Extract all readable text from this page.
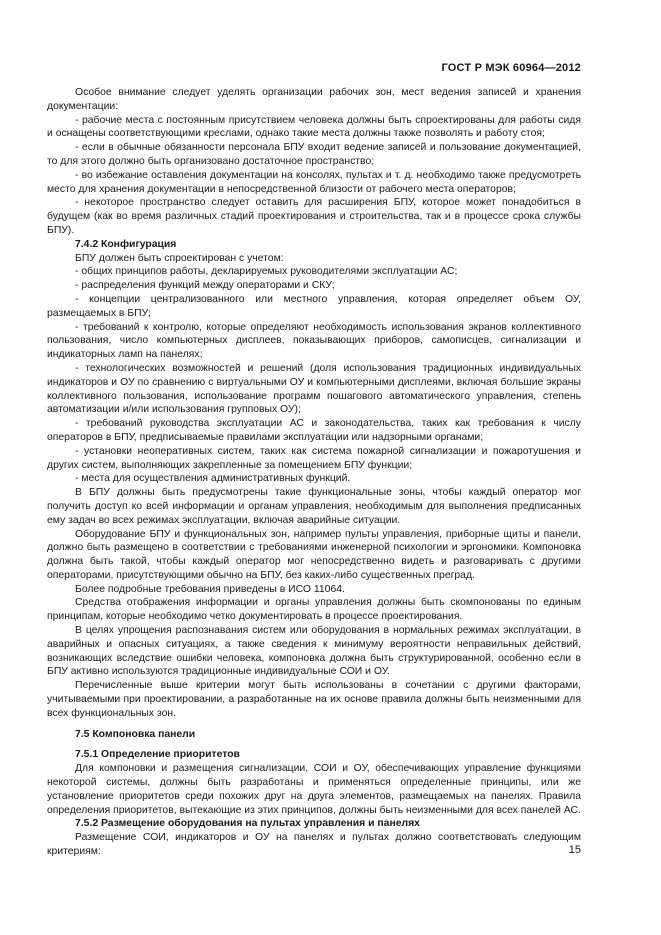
ГОСТ Р МЭК 60964—2012

Особое внимание следует уделять организации рабочих зон, мест ведения записей и хранения документации:

- рабочие места с постоянным присутствием человека должны быть спроектированы для работы сидя и оснащены соответствующими креслами, однако такие места должны также позволять и работу стоя;

- если в обычные обязанности персонала БПУ входит ведение записей и пользование документацией, то для этого должно быть организовано достаточное пространство;

- во избежание оставления документации на консолях, пультах и т. д. необходимо также предусмотреть место для хранения документации в непосредственной близости от рабочего места операторов;

- некоторое пространство следует оставить для расширения БПУ, которое может понадобиться в будущем (как во время различных стадий проектирования и строительства, так и в процессе срока службы БПУ).

7.4.2 Конфигурация

БПУ должен быть спроектирован с учетом:

- общих принципов работы, декларируемых руководителями эксплуатации АС;

- распределения функций между операторами и СКУ;

- концепции централизованного или местного управления, которая определяет объем ОУ, размещаемых в БПУ;

- требований к контролю, которые определяют необходимость использования экранов коллективного пользования, число компьютерных дисплеев, показывающих приборов, самописцев, сигнализации и индикаторных ламп на панелях;

- технологических возможностей и решений (доля использования традиционных индивидуальных индикаторов и ОУ по сравнению с виртуальными ОУ и компьютерными дисплеями, включая большие экраны коллективного пользования, использование программ пошагового автоматического управления, степень автоматизации и/или использования групповых ОУ);

- требований руководства эксплуатации АС и законодательства, таких как требования к числу операторов в БПУ, предписываемые правилами эксплуатации или надзорными органами;

- установки неоперативных систем, таких как система пожарной сигнализации и пожаротушения и других систем, выполняющих закрепленные за помещением БПУ функции;

- места для осуществления административных функций.

В БПУ должны быть предусмотрены такие функциональные зоны, чтобы каждый оператор мог получить доступ ко всей информации и органам управления, необходимым для выполнения предписанных ему задач во всех режимах эксплуатации, включая аварийные ситуации.

Оборудование БПУ и функциональных зон, например пульты управления, приборные щиты и панели, должно быть размещено в соответствии с требованиями инженерной психологии и эргономики. Компоновка должна быть такой, чтобы каждый оператор мог непосредственно видеть и разговаривать с другими операторами, присутствующими обычно на БПУ, без каких-либо существенных преград.

Более подробные требования приведены в ИСО 11064.

Средства отображения информации и органы управления должны быть скомпонованы по единым принципам, которые необходимо четко документировать в процессе проектирования.

В целях упрощения распознавания систем или оборудования в нормальных режимах эксплуатации, в аварийных и опасных ситуациях, а также сведения к минимуму вероятности неправильных действий, возникающих вследствие ошибки человека, компоновка должна быть структурированной, особенно если в БПУ активно используются традиционные индивидуальные СОИ и ОУ.

Перечисленные выше критерии могут быть использованы в сочетании с другими факторами, учитываемыми при проектировании, а разработанные на их основе правила должны быть неизменными для всех функциональных зон.

7.5 Компоновка панели

7.5.1 Определение приоритетов

Для компоновки и размещения сигнализации, СОИ и ОУ, обеспечивающих управление функциями некоторой системы, должны быть разработаны и применяться определенные принципы, или же установление приоритетов среди похожих друг на друга элементов, размещаемых на панелях. Правила определения приоритетов, вытекающие из этих принципов, должны быть неизменными для всех панелей АС.

7.5.2 Размещение оборудования на пультах управления и панелях

Размещение СОИ, индикаторов и ОУ на панелях и пультах должно соответствовать следующим критериям:	15
